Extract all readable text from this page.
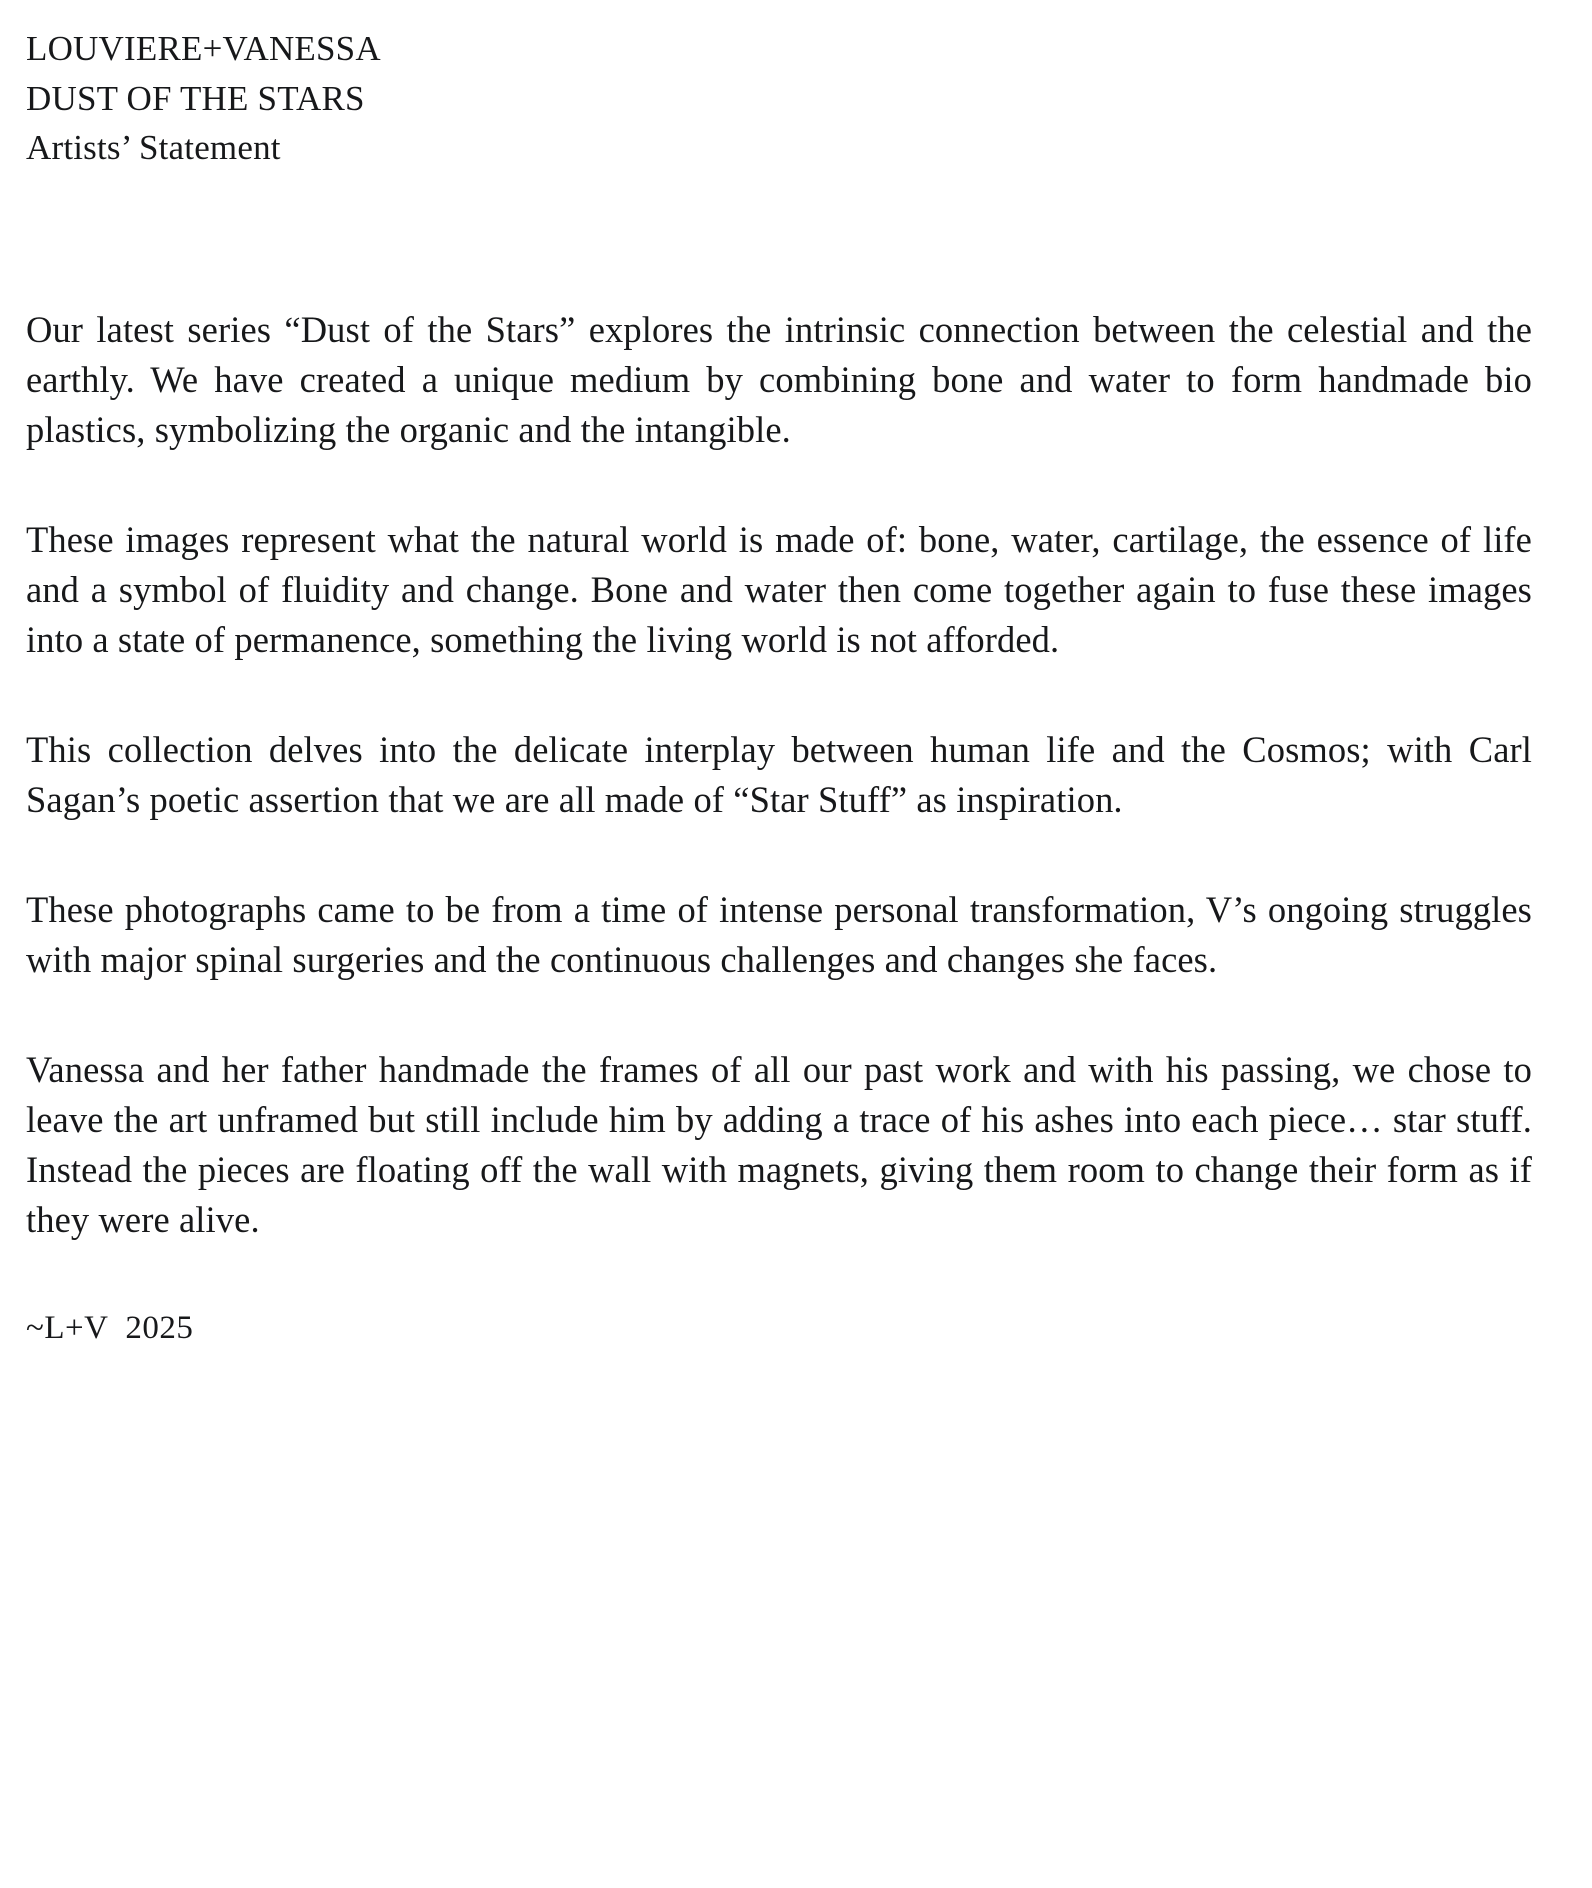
LOUVIERE+VANESSA
DUST OF THE STARS
Artists’ Statement

Our latest series “Dust of the Stars” explores the intrinsic connection between the celestial and the earthly. We have created a unique medium by combining bone and water to form handmade bio plastics, symbolizing the organic and the intangible.

These images represent what the natural world is made of: bone, water, cartilage, the essence of life and a symbol of fluidity and change. Bone and water then come together again to fuse these images into a state of permanence, something the living world is not afforded.

This collection delves into the delicate interplay between human life and the Cosmos; with Carl Sagan’s poetic assertion that we are all made of “Star Stuff” as inspiration.

These photographs came to be from a time of intense personal transformation, V’s ongoing struggles with major spinal surgeries and the continuous challenges and changes she faces.

Vanessa and her father handmade the frames of all our past work and with his passing, we chose to leave the art unframed but still include him by adding a trace of his ashes into each piece… star stuff. Instead the pieces are floating off the wall with magnets, giving them room to change their form as if they were alive.

~L+V  2025
